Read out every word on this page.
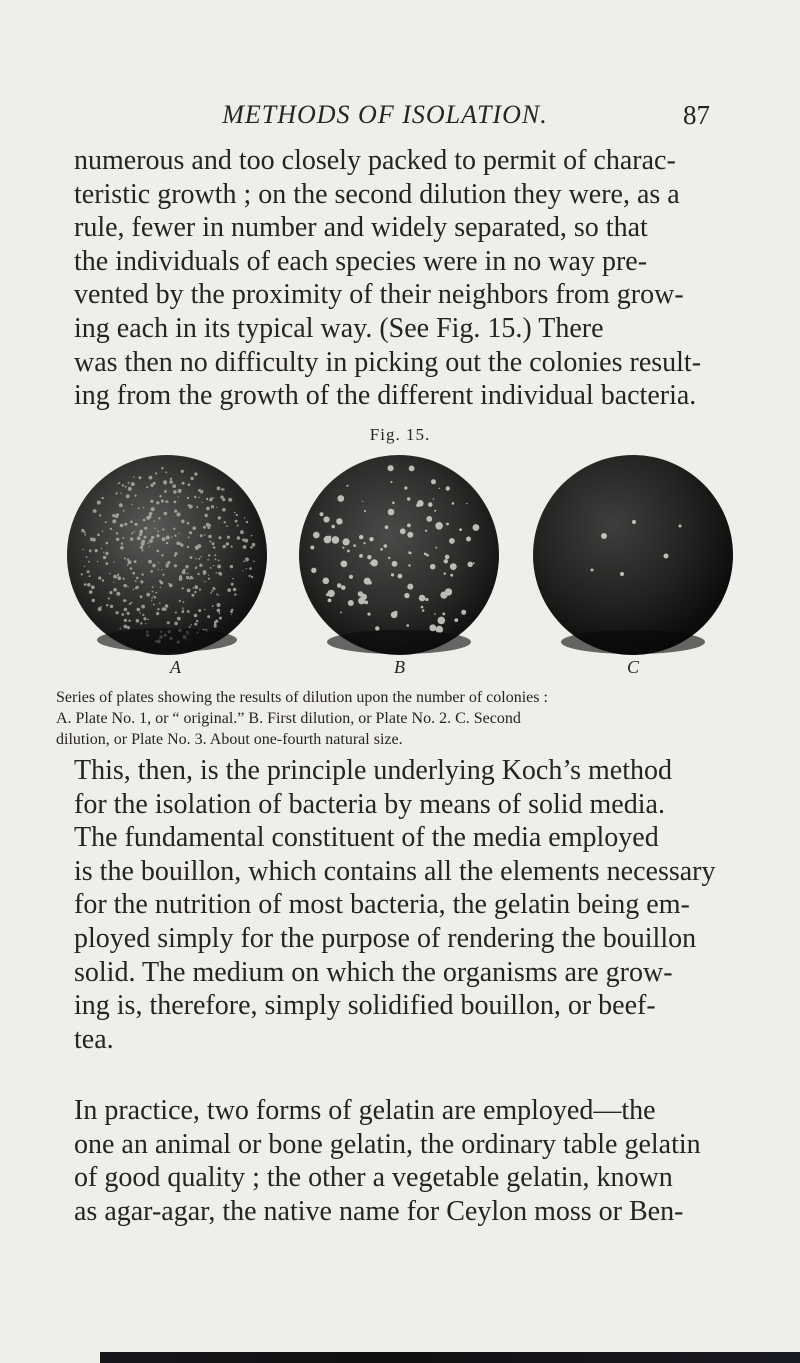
METHODS OF ISOLATION.	87

numerous and too closely packed to permit of charac-
teristic growth ; on the second dilution they were, as a
rule, fewer in number and widely separated, so that
the individuals of each species were in no way pre-
vented by the proximity of their neighbors from grow-
ing each in its typical way. (See Fig. 15.) There
was then no difficulty in picking out the colonies result-
ing from the growth of the different individual bacteria.

Fig. 15.
A	B	C

Series of plates showing the results of dilution upon the number of colonies :
A. Plate No. 1, or “ original.” B. First dilution, or Plate No. 2. C. Second
dilution, or Plate No. 3. About one-fourth natural size.

This, then, is the principle underlying Koch’s method
for the isolation of bacteria by means of solid media.
The fundamental constituent of the media employed
is the bouillon, which contains all the elements necessary
for the nutrition of most bacteria, the gelatin being em-
ployed simply for the purpose of rendering the bouillon
solid. The medium on which the organisms are grow-
ing is, therefore, simply solidified bouillon, or beef-
tea.

In practice, two forms of gelatin are employed—the
one an animal or bone gelatin, the ordinary table gelatin
of good quality ; the other a vegetable gelatin, known
as agar-agar, the native name for Ceylon moss or Ben-
